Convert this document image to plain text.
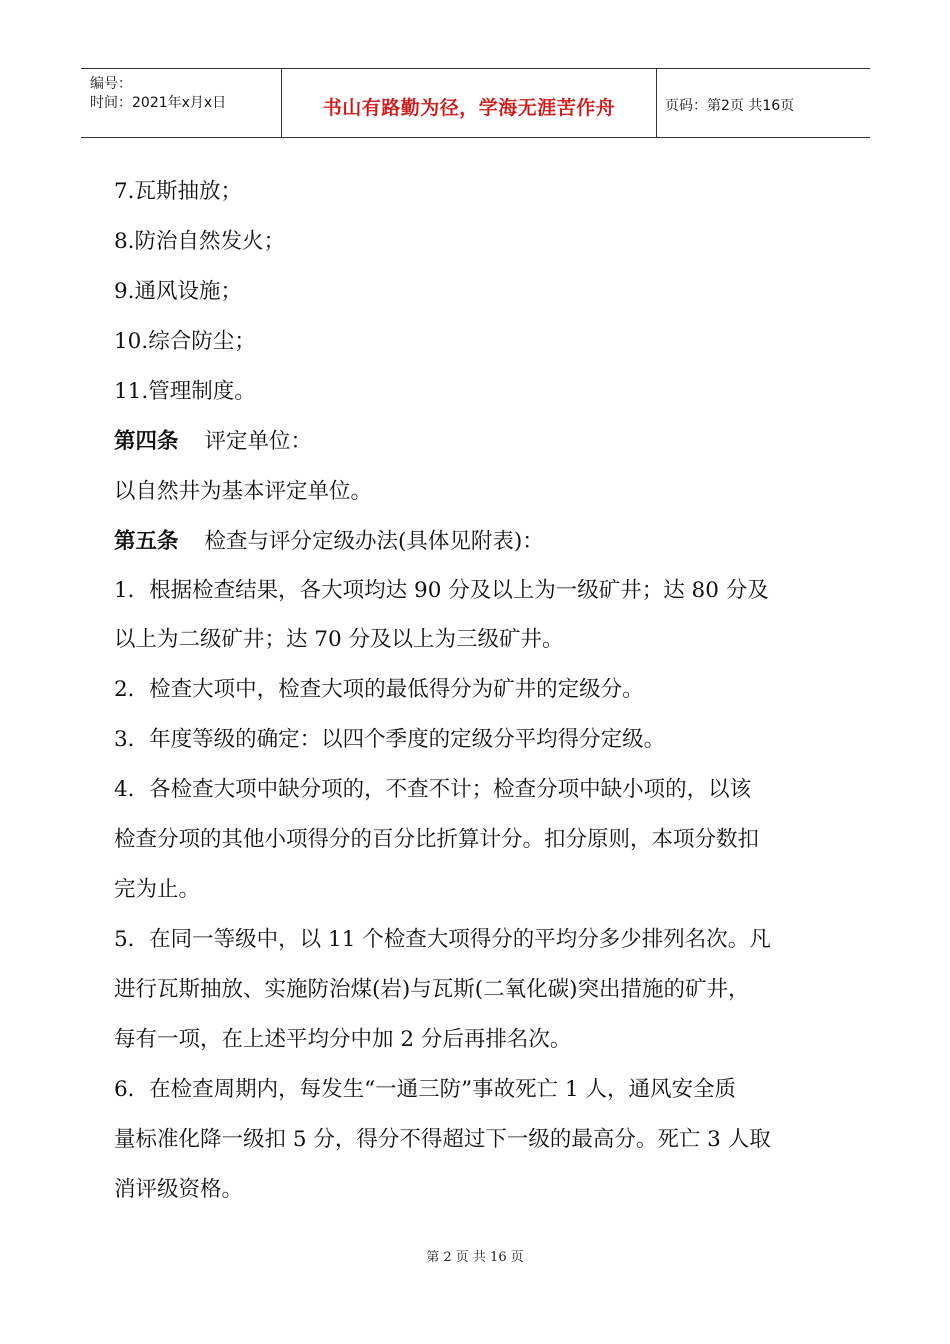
编号：
时间：2021年x月x日	书山有路勤为径，学海无涯苦作舟	页码：第2页 共16页
7.瓦斯抽放；
8.防治自然发火；
9.通风设施；
10.综合防尘；
11.管理制度。
第四条 评定单位：
以自然井为基本评定单位。
第五条 检查与评分定级办法(具体见附表)：
1．根据检查结果，各大项均达 90 分及以上为一级矿井；达 80 分及
以上为二级矿井；达 70 分及以上为三级矿井。
2．检查大项中，检查大项的最低得分为矿井的定级分。
3．年度等级的确定：以四个季度的定级分平均得分定级。
4．各检查大项中缺分项的，不查不计；检查分项中缺小项的，以该
检查分项的其他小项得分的百分比折算计分。扣分原则，本项分数扣
完为止。
5．在同一等级中，以 11 个检查大项得分的平均分多少排列名次。凡
进行瓦斯抽放、实施防治煤(岩)与瓦斯(二氧化碳)突出措施的矿井，
每有一项，在上述平均分中加 2 分后再排名次。
6．在检查周期内，每发生“一通三防”事故死亡 1 人，通风安全质
量标准化降一级扣 5 分，得分不得超过下一级的最高分。死亡 3 人取
消评级资格。
第 2 页 共 16 页
